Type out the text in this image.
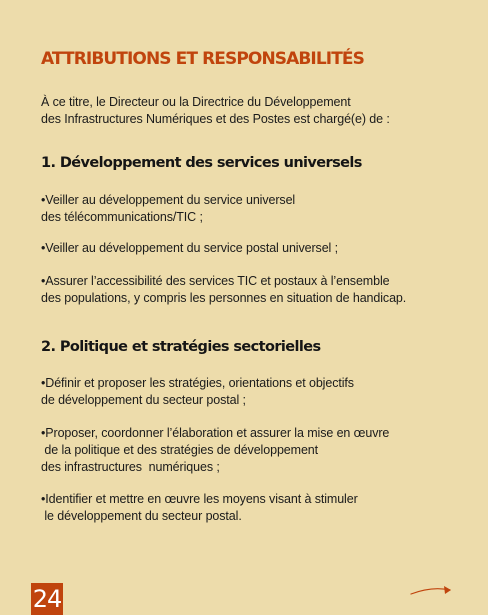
ATTRIBUTIONS ET RESPONSABILITÉS

À ce titre, le Directeur ou la Directrice du Développement
des Infrastructures Numériques et des Postes est chargé(e) de :

1. Développement des services universels

•Veiller au développement du service universel
des télécommunications/TIC ;

•Veiller au développement du service postal universel ;

•Assurer l’accessibilité des services TIC et postaux à l’ensemble
des populations, y compris les personnes en situation de handicap.

2. Politique et stratégies sectorielles

•Définir et proposer les stratégies, orientations et objectifs
de développement du secteur postal ;

•Proposer, coordonner l’élaboration et assurer la mise en œuvre
de la politique et des stratégies de développement
des infrastructures  numériques ;

•Identifier et mettre en œuvre les moyens visant à stimuler
le développement du secteur postal.

24
